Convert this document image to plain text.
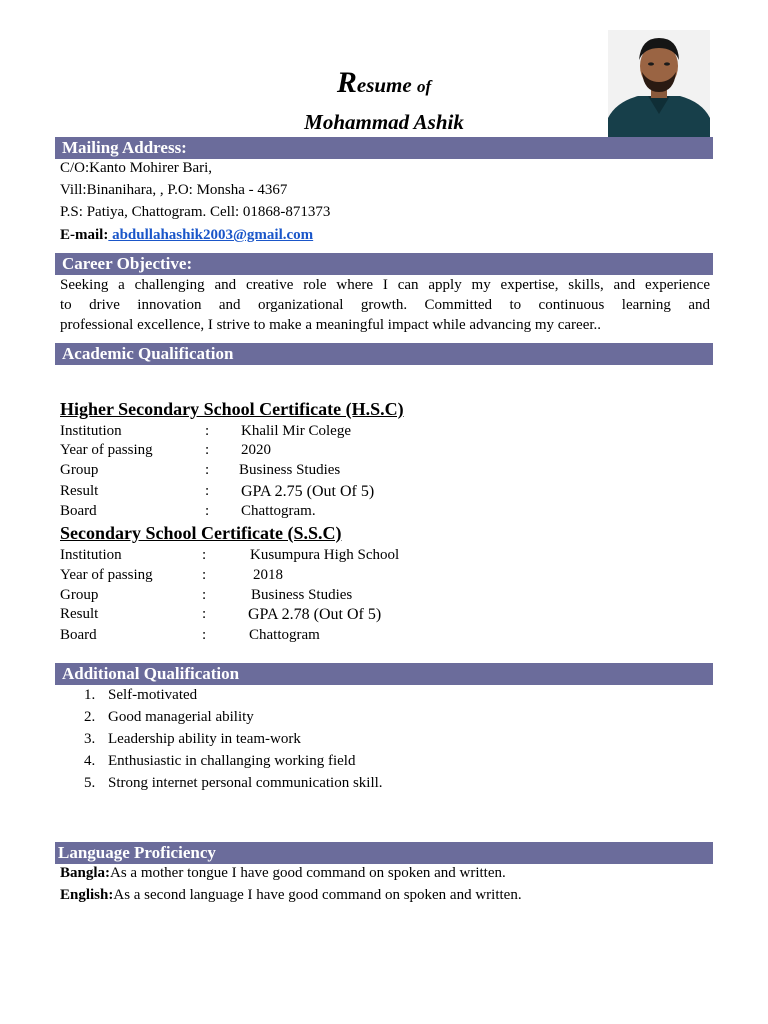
Resume of
Mohammad Ashik
Mailing Address:
C/O:Kanto Mohirer Bari,
Vill:Binanihara, , P.O: Monsha - 4367
P.S: Patiya, Chattogram. Cell: 01868-871373
E-mail: abdullahashik2003@gmail.com
Career Objective:
Seeking a challenging and creative role where I can apply my expertise, skills, and experience
to drive innovation and organizational growth. Committed to continuous learning and
professional excellence, I strive to make a meaningful impact while advancing my career..
Academic Qualification
Higher Secondary School Certificate (H.S.C)
Institution	: Khalil Mir Colege
Year of passing	: 2020
Group	: Business Studies
Result	: GPA 2.75 (Out Of 5)
Board	: Chattogram.
Secondary School Certificate (S.S.C)
Institution	:	Kusumpura High School
Year of passing	:	2018
Group	:	Business Studies
Result	:	GPA 2.78 (Out Of 5)
Board	:	Chattogram
Additional Qualification
1. Self-motivated
2. Good managerial ability
3. Leadership ability in team-work
4. Enthusiastic in challanging working field
5. Strong internet personal communication skill.
Language Proficiency
Bangla:As a mother tongue I have good command on spoken and written.
English:As a second language I have good command on spoken and written.
